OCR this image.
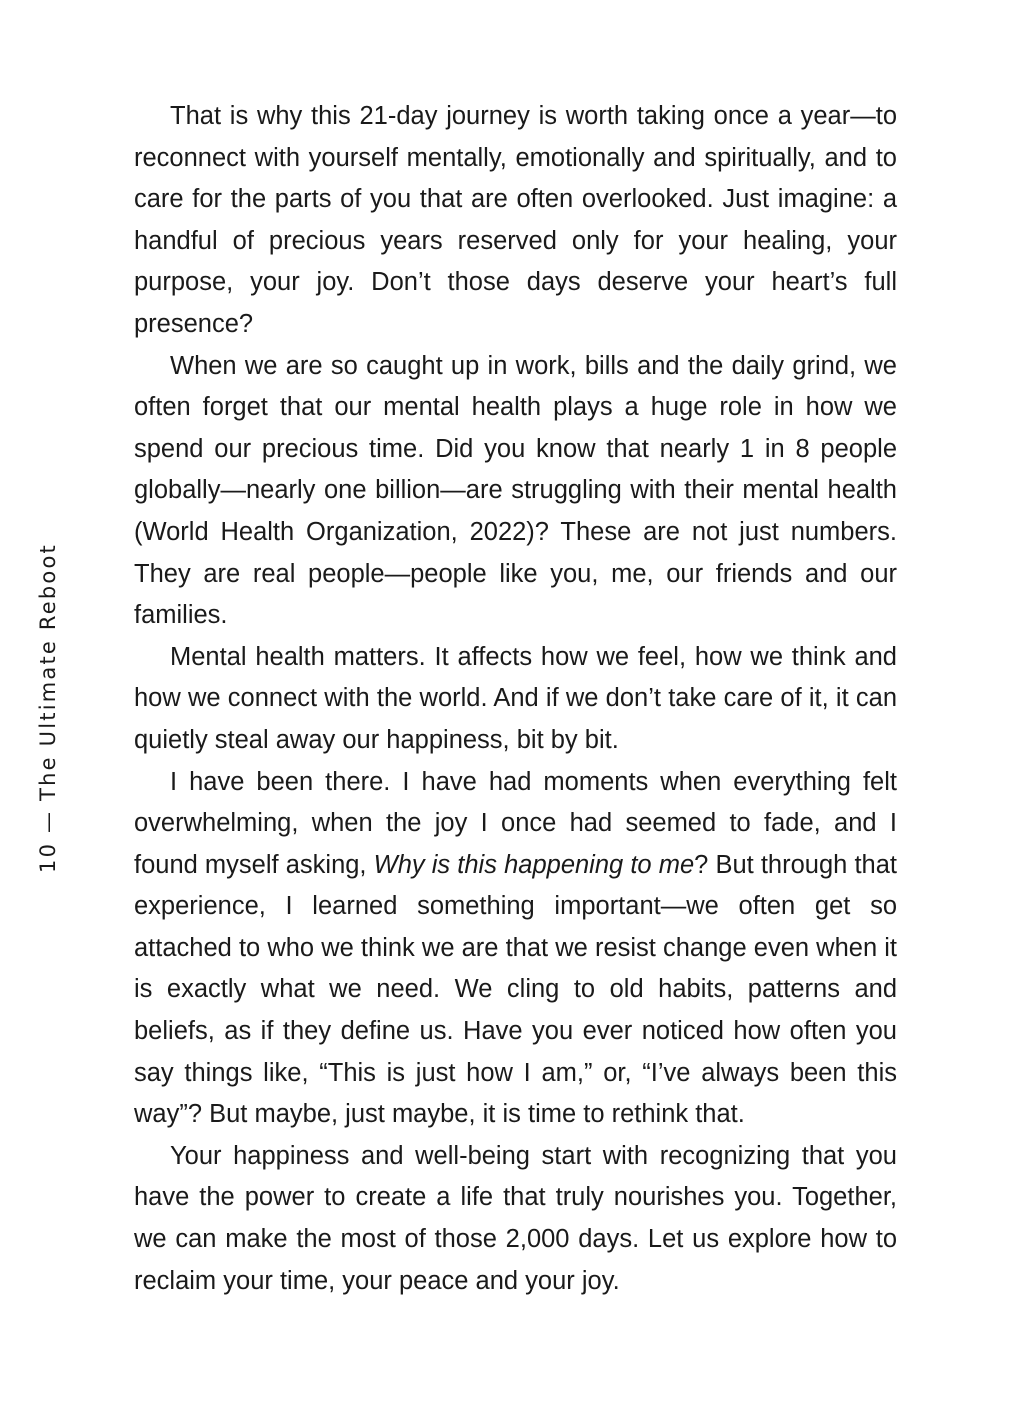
10 — The Ultimate Reboot

That is why this 21-day journey is worth taking once a year—to reconnect with yourself mentally, emotionally and spiritually, and to care for the parts of you that are often overlooked. Just imagine: a handful of precious years reserved only for your healing, your purpose, your joy. Don’t those days deserve your heart’s full presence?

When we are so caught up in work, bills and the daily grind, we often forget that our mental health plays a huge role in how we spend our precious time. Did you know that nearly 1 in 8 people globally—nearly one billion—are struggling with their mental health (World Health Organization, 2022)? These are not just numbers. They are real people—people like you, me, our friends and our families.

Mental health matters. It affects how we feel, how we think and how we connect with the world. And if we don’t take care of it, it can quietly steal away our happiness, bit by bit.

I have been there. I have had moments when everything felt overwhelming, when the joy I once had seemed to fade, and I found myself asking, Why is this happening to me? But through that experience, I learned something important—we often get so attached to who we think we are that we resist change even when it is exactly what we need. We cling to old habits, patterns and beliefs, as if they define us. Have you ever noticed how often you say things like, “This is just how I am,” or, “I’ve always been this way”? But maybe, just maybe, it is time to rethink that.

Your happiness and well-being start with recognizing that you have the power to create a life that truly nourishes you. Together, we can make the most of those 2,000 days. Let us explore how to reclaim your time, your peace and your joy.
